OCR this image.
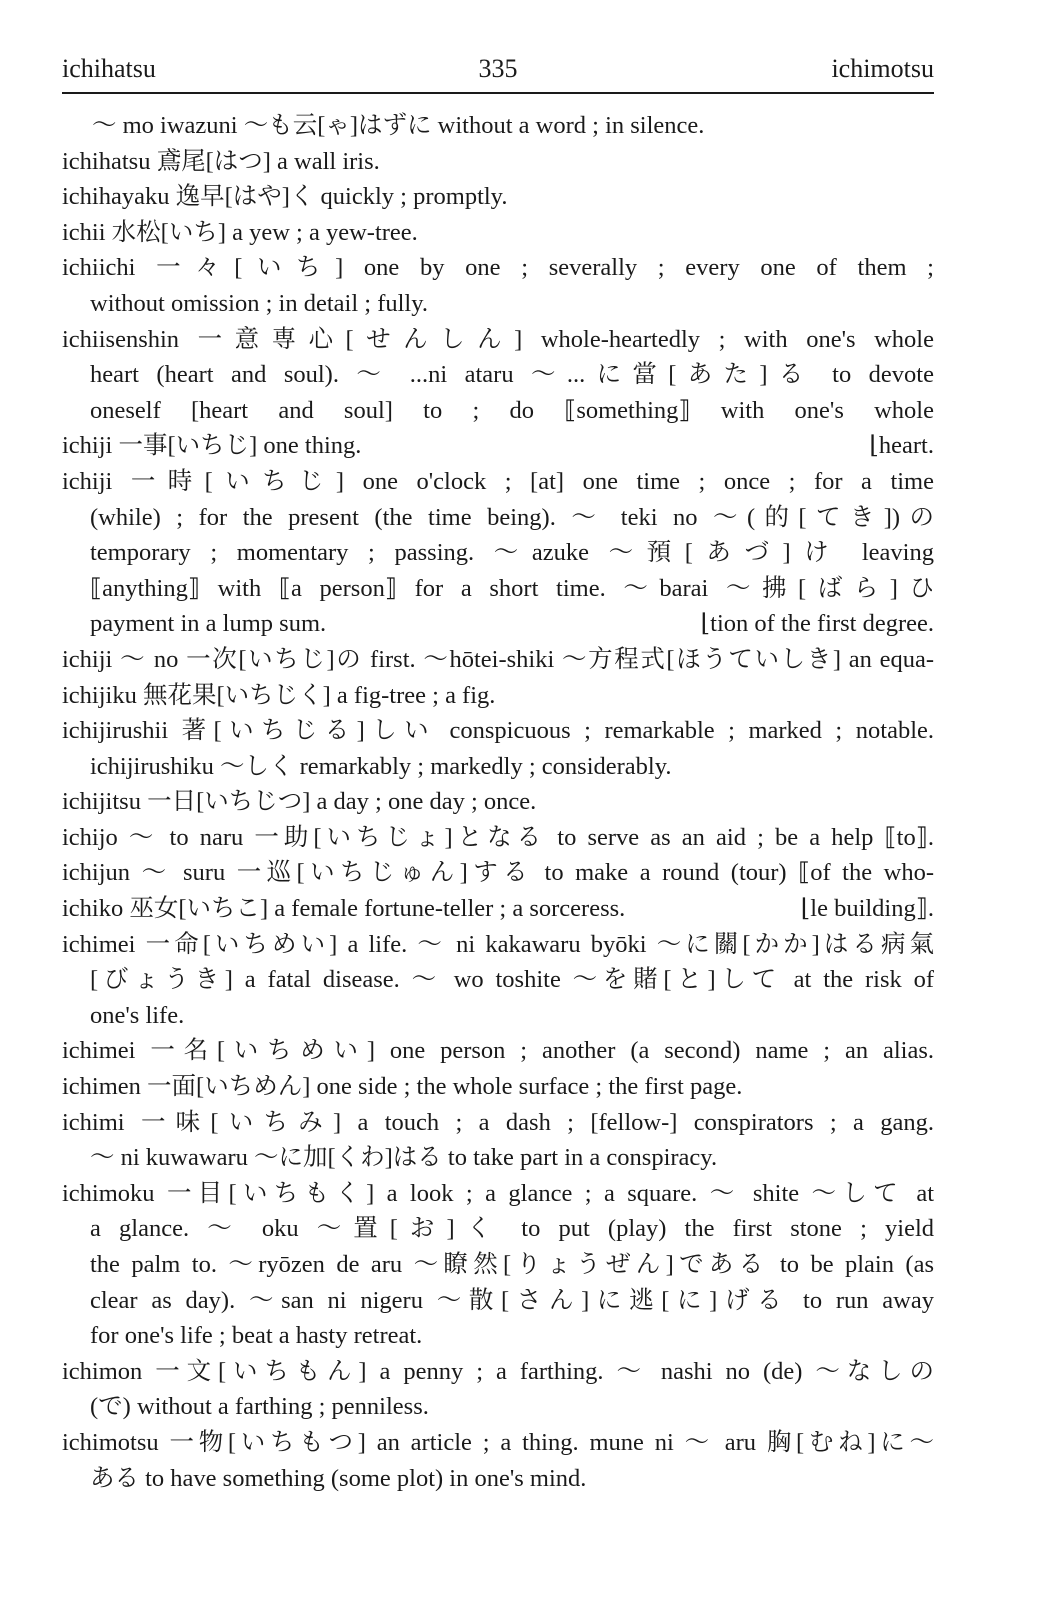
ichihatsu	335	ichimotsu
～ mo iwazuni ～も云[ゃ]はずに without a word ; in silence.
ichihatsu 鳶尾[はつ] a wall iris.
ichihayaku 逸早[はや]く quickly ; promptly.
ichii 水松[いち] a yew ; a yew-tree.
ichiichi 一々[いち] one by one ; severally ; every one of them ;
without omission ; in detail ; fully.
ichiisenshin 一意専心[せんしん] whole-heartedly ; with one's whole
heart (heart and soul). ～ ...ni ataru ～...に當[あた]る to devote
oneself [heart and soul] to ; do ⟦something⟧ with one's whole
⌊heart.
ichiji 一事[いちじ] one thing.
ichiji 一時[いちじ] one o'clock ; [at] one time ; once ; for a time
(while) ; for the present (the time being). ～ teki no ～(的[てき])の
temporary ; momentary ; passing. ～azuke ～預[あづ]け leaving
⟦anything⟧ with ⟦a person⟧ for a short time. ～barai ～拂[ばら]ひ
⌊tion of the first degree.
payment in a lump sum.
ichiji ～ no 一次[いちじ]の first. ～hōtei-shiki ～方程式[ほうていしき] an equa-
ichijiku 無花果[いちじく] a fig-tree ; a fig.
ichijirushii 著[いちじる]しい conspicuous ; remarkable ; marked ; notable.
ichijirushiku ～しく remarkably ; markedly ; considerably.
ichijitsu 一日[いちじつ] a day ; one day ; once.
ichijo ～ to naru 一助[いちじょ]となる to serve as an aid ; be a help ⟦to⟧.
ichijun ～ suru 一巡[いちじゅん]する to make a round (tour) ⟦of the who-
⌊le building⟧.
ichiko 巫女[いちこ] a female fortune-teller ; a sorceress.
ichimei 一命[いちめい] a life. ～ ni kakawaru byōki ～に關[かか]はる病氣
[びょうき] a fatal disease. ～ wo toshite ～を賭[と]して at the risk of
one's life.
ichimei 一名[いちめい] one person ; another (a second) name ; an alias.
ichimen 一面[いちめん] one side ; the whole surface ; the first page.
ichimi 一味[いちみ] a touch ; a dash ; [fellow-] conspirators ; a gang.
～ ni kuwawaru ～に加[くわ]はる to take part in a conspiracy.
ichimoku 一目[いちもく] a look ; a glance ; a square. ～ shite ～して at
a glance. ～ oku ～置[お]く to put (play) the first stone ; yield
the palm to. ～ryōzen de aru ～瞭然[りょうぜん]である to be plain (as
clear as day). ～san ni nigeru ～散[さん]に逃[に]げる to run away
for one's life ; beat a hasty retreat.
ichimon 一文[いちもん] a penny ; a farthing. ～ nashi no (de) ～なしの
(で) without a farthing ; penniless.
ichimotsu 一物[いちもつ] an article ; a thing. mune ni ～ aru 胸[むね]に～
ある to have something (some plot) in one's mind.
